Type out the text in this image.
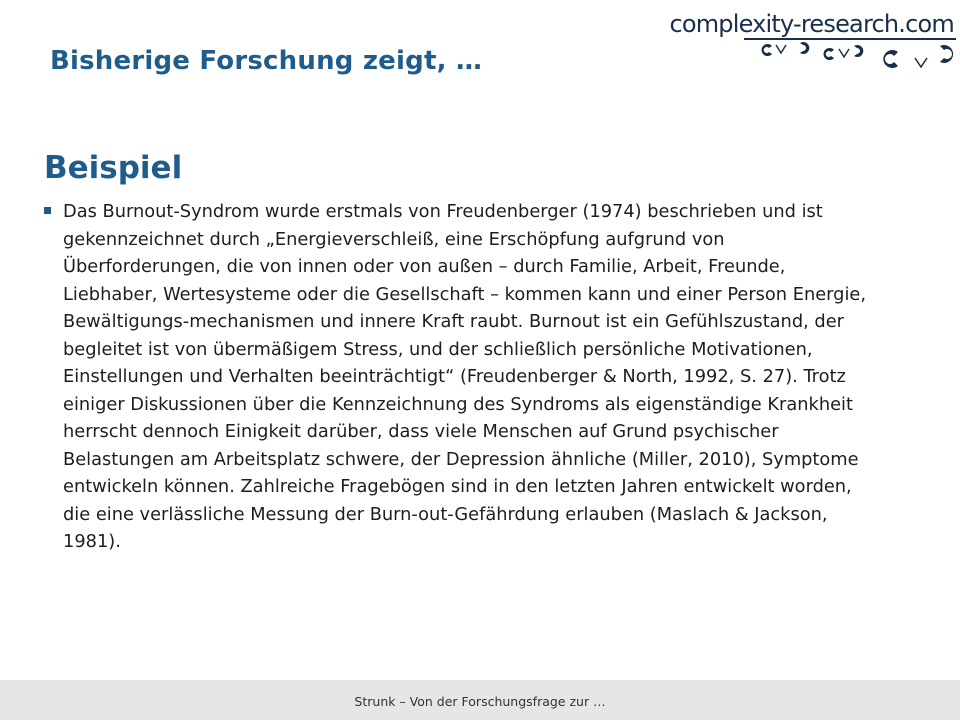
Bisherige Forschung zeigt, …
complexity-research.com
Beispiel
Das Burnout-Syndrom wurde erstmals von Freudenberger (1974) beschrieben und ist gekennzeichnet durch „Energieverschleiß, eine Erschöpfung aufgrund von Überforderungen, die von innen oder von außen – durch Familie, Arbeit, Freunde, Liebhaber, Wertesysteme oder die Gesellschaft – kommen kann und einer Person Energie, Bewältigungs-mechanismen und innere Kraft raubt. Burnout ist ein Gefühlszustand, der begleitet ist von übermäßigem Stress, und der schließlich persönliche Motivationen, Einstellungen und Verhalten beeinträchtigt“ (Freudenberger & North, 1992, S. 27). Trotz einiger Diskussionen über die Kennzeichnung des Syndroms als eigenständige Krankheit herrscht dennoch Einigkeit darüber, dass viele Menschen auf Grund psychischer Belastungen am Arbeitsplatz schwere, der Depression ähnliche (Miller, 2010), Symptome entwickeln können. Zahlreiche Fragebögen sind in den letzten Jahren entwickelt worden, die eine verlässliche Messung der Burn-out-Gefährdung erlauben (Maslach & Jackson, 1981).
Strunk – Von der Forschungsfrage zur …
